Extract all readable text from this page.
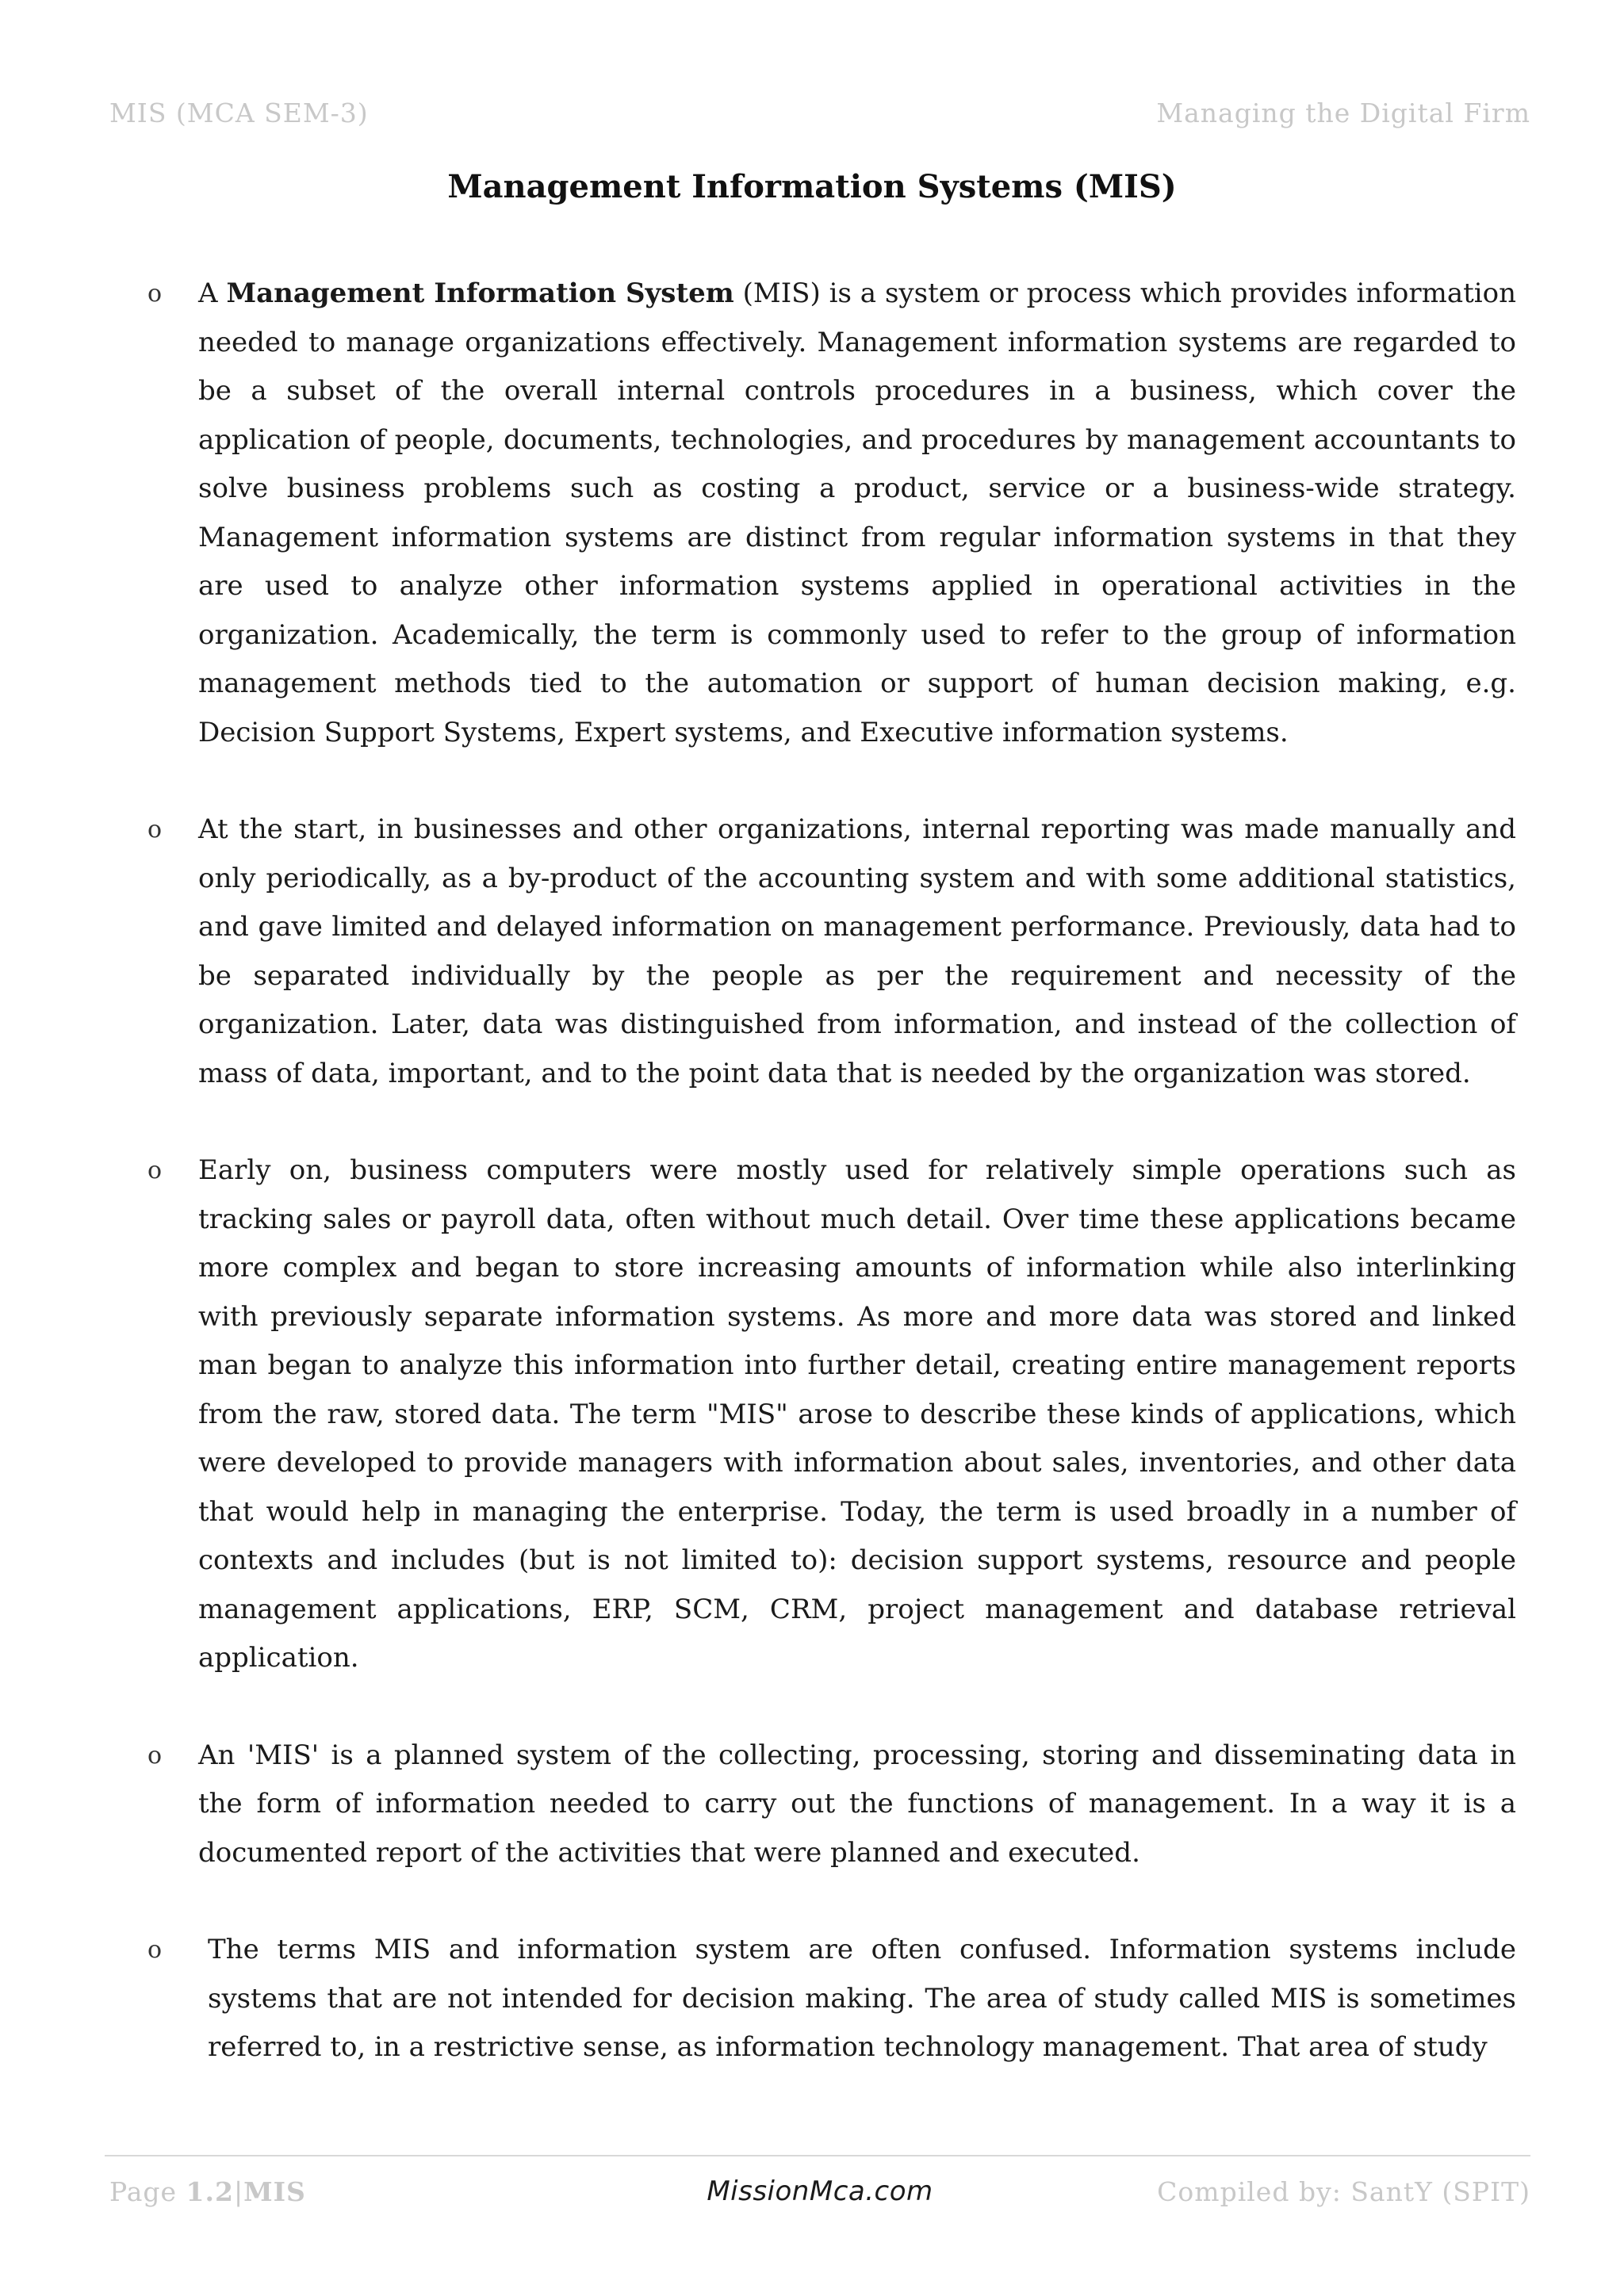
MIS (MCA SEM-3)	Managing the Digital Firm
Management Information Systems (MIS)
o A Management Information System (MIS) is a system or process which provides information needed to manage organizations effectively. Management information systems are regarded to be a subset of the overall internal controls procedures in a business, which cover the application of people, documents, technologies, and procedures by management accountants to solve business problems such as costing a product, service or a business-wide strategy. Management information systems are distinct from regular information systems in that they are used to analyze other information systems applied in operational activities in the organization. Academically, the term is commonly used to refer to the group of information management methods tied to the automation or support of human decision making, e.g. Decision Support Systems, Expert systems, and Executive information systems.
o At the start, in businesses and other organizations, internal reporting was made manually and only periodically, as a by-product of the accounting system and with some additional statistics, and gave limited and delayed information on management performance. Previously, data had to be separated individually by the people as per the requirement and necessity of the organization. Later, data was distinguished from information, and instead of the collection of mass of data, important, and to the point data that is needed by the organization was stored.
o Early on, business computers were mostly used for relatively simple operations such as tracking sales or payroll data, often without much detail. Over time these applications became more complex and began to store increasing amounts of information while also interlinking with previously separate information systems. As more and more data was stored and linked man began to analyze this information into further detail, creating entire management reports from the raw, stored data. The term "MIS" arose to describe these kinds of applications, which were developed to provide managers with information about sales, inventories, and other data that would help in managing the enterprise. Today, the term is used broadly in a number of contexts and includes (but is not limited to): decision support systems, resource and people management applications, ERP, SCM, CRM, project management and database retrieval application.
o An 'MIS' is a planned system of the collecting, processing, storing and disseminating data in the form of information needed to carry out the functions of management. In a way it is a documented report of the activities that were planned and executed.
o The terms MIS and information system are often confused. Information systems include systems that are not intended for decision making. The area of study called MIS is sometimes referred to, in a restrictive sense, as information technology management. That area of study
Page 1.2|MIS	MissionMca.com	Compiled by: SantY (SPIT)
